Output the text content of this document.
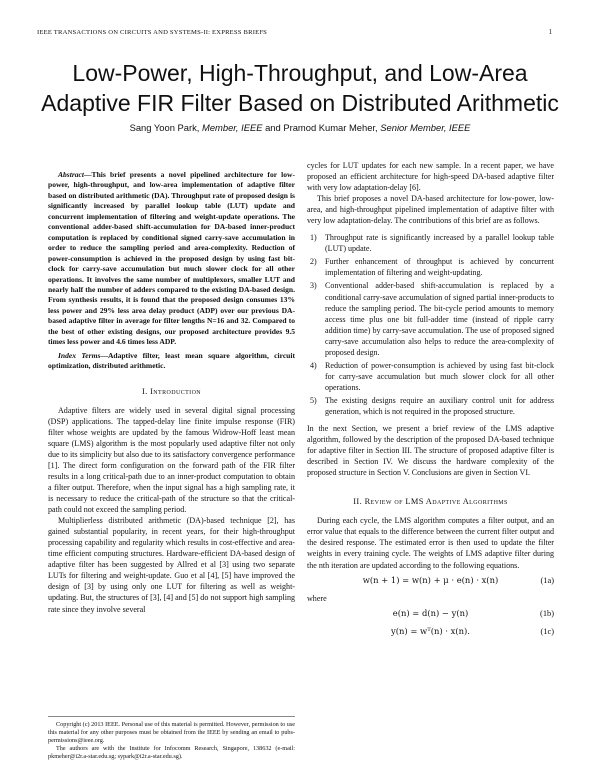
IEEE TRANSACTIONS ON CIRCUITS AND SYSTEMS-II: EXPRESS BRIEFS	1
Low-Power, High-Throughput, and Low-Area
Adaptive FIR Filter Based on Distributed Arithmetic
Sang Yoon Park, Member, IEEE and Pramod Kumar Meher, Senior Member, IEEE

Abstract—This brief presents a novel pipelined architecture for low-power, high-throughput, and low-area implementation of adaptive filter based on distributed arithmetic (DA). Throughput rate of proposed design is significantly increased by parallel lookup table (LUT) update and concurrent implementation of filtering and weight-update operations. The conventional adder-based shift-accumulation for DA-based inner-product computation is replaced by conditional signed carry-save accumulation in order to reduce the sampling period and area-complexity. Reduction of power-consumption is achieved in the proposed design by using fast bit-clock for carry-save accumulation but much slower clock for all other operations. It involves the same number of multiplexors, smaller LUT and nearly half the number of adders compared to the existing DA-based design. From synthesis results, it is found that the proposed design consumes 13% less power and 29% less area delay product (ADP) over our previous DA-based adaptive filter in average for filter lengths N=16 and 32. Compared to the best of other existing designs, our proposed architecture provides 9.5 times less power and 4.6 times less ADP.

Index Terms—Adaptive filter, least mean square algorithm, circuit optimization, distributed arithmetic.

I. Introduction

Adaptive filters are widely used in several digital signal processing (DSP) applications. The tapped-delay line finite impulse response (FIR) filter whose weights are updated by the famous Widrow-Hoff least mean square (LMS) algorithm is the most popularly used adaptive filter not only due to its simplicity but also due to its satisfactory convergence performance [1]. The direct form configuration on the forward path of the FIR filter results in a long critical-path due to an inner-product computation to obtain a filter output. Therefore, when the input signal has a high sampling rate, it is necessary to reduce the critical-path of the structure so that the critical-path could not exceed the sampling period.

Multiplierless distributed arithmetic (DA)-based technique [2], has gained substantial popularity, in recent years, for their high-throughput processing capability and regularity which results in cost-effective and area-time efficient computing structures. Hardware-efficient DA-based design of adaptive filter has been suggested by Allred et al [3] using two separate LUTs for filtering and weight-update. Guo et al [4], [5] have improved the design of [3] by using only one LUT for filtering as well as weight-updating. But, the structures of [3], [4] and [5] do not support high sampling rate since they involve several

Copyright (c) 2013 IEEE. Personal use of this material is permitted. However, permission to use this material for any other purposes must be obtained from the IEEE by sending an email to pubs-permissions@ieee.org.

The authors are with the Institute for Infocomm Research, Singapore, 138632 (e-mail: pkmeher@i2r.a-star.edu.sg; sypark@i2r.a-star.edu.sg).

cycles for LUT updates for each new sample. In a recent paper, we have proposed an efficient architecture for high-speed DA-based adaptive filter with very low adaptation-delay [6].

This brief proposes a novel DA-based architecture for low-power, low-area, and high-throughput pipelined implementation of adaptive filter with very low adaptation-delay. The contributions of this brief are as follows.

1) Throughput rate is significantly increased by a parallel lookup table (LUT) update.
2) Further enhancement of throughput is achieved by concurrent implementation of filtering and weight-updating.
3) Conventional adder-based shift-accumulation is replaced by a conditional carry-save accumulation of signed partial inner-products to reduce the sampling period. The bit-cycle period amounts to memory access time plus one bit full-adder time (instead of ripple carry addition time) by carry-save accumulation. The use of proposed signed carry-save accumulation also helps to reduce the area-complexity of proposed design.
4) Reduction of power-consumption is achieved by using fast bit-clock for carry-save accumulation but much slower clock for all other operations.
5) The existing designs require an auxiliary control unit for address generation, which is not required in the proposed structure.

In the next Section, we present a brief review of the LMS adaptive algorithm, followed by the description of the proposed DA-based technique for adaptive filter in Section III. The structure of proposed adaptive filter is described in Section IV. We discuss the hardware complexity of the proposed structure in Section V. Conclusions are given in Section VI.

II. Review of LMS Adaptive Algorithms

During each cycle, the LMS algorithm computes a filter output, and an error value that equals to the difference between the current filter output and the desired response. The estimated error is then used to update the filter weights in every training cycle. The weights of LMS adaptive filter during the nth iteration are updated according to the following equations.

w(n + 1) = w(n) + μ · e(n) · x(n)	(1a)

where

e(n) = d(n) − y(n)	(1b)
y(n) = wᵀ(n) · x(n).	(1c)
